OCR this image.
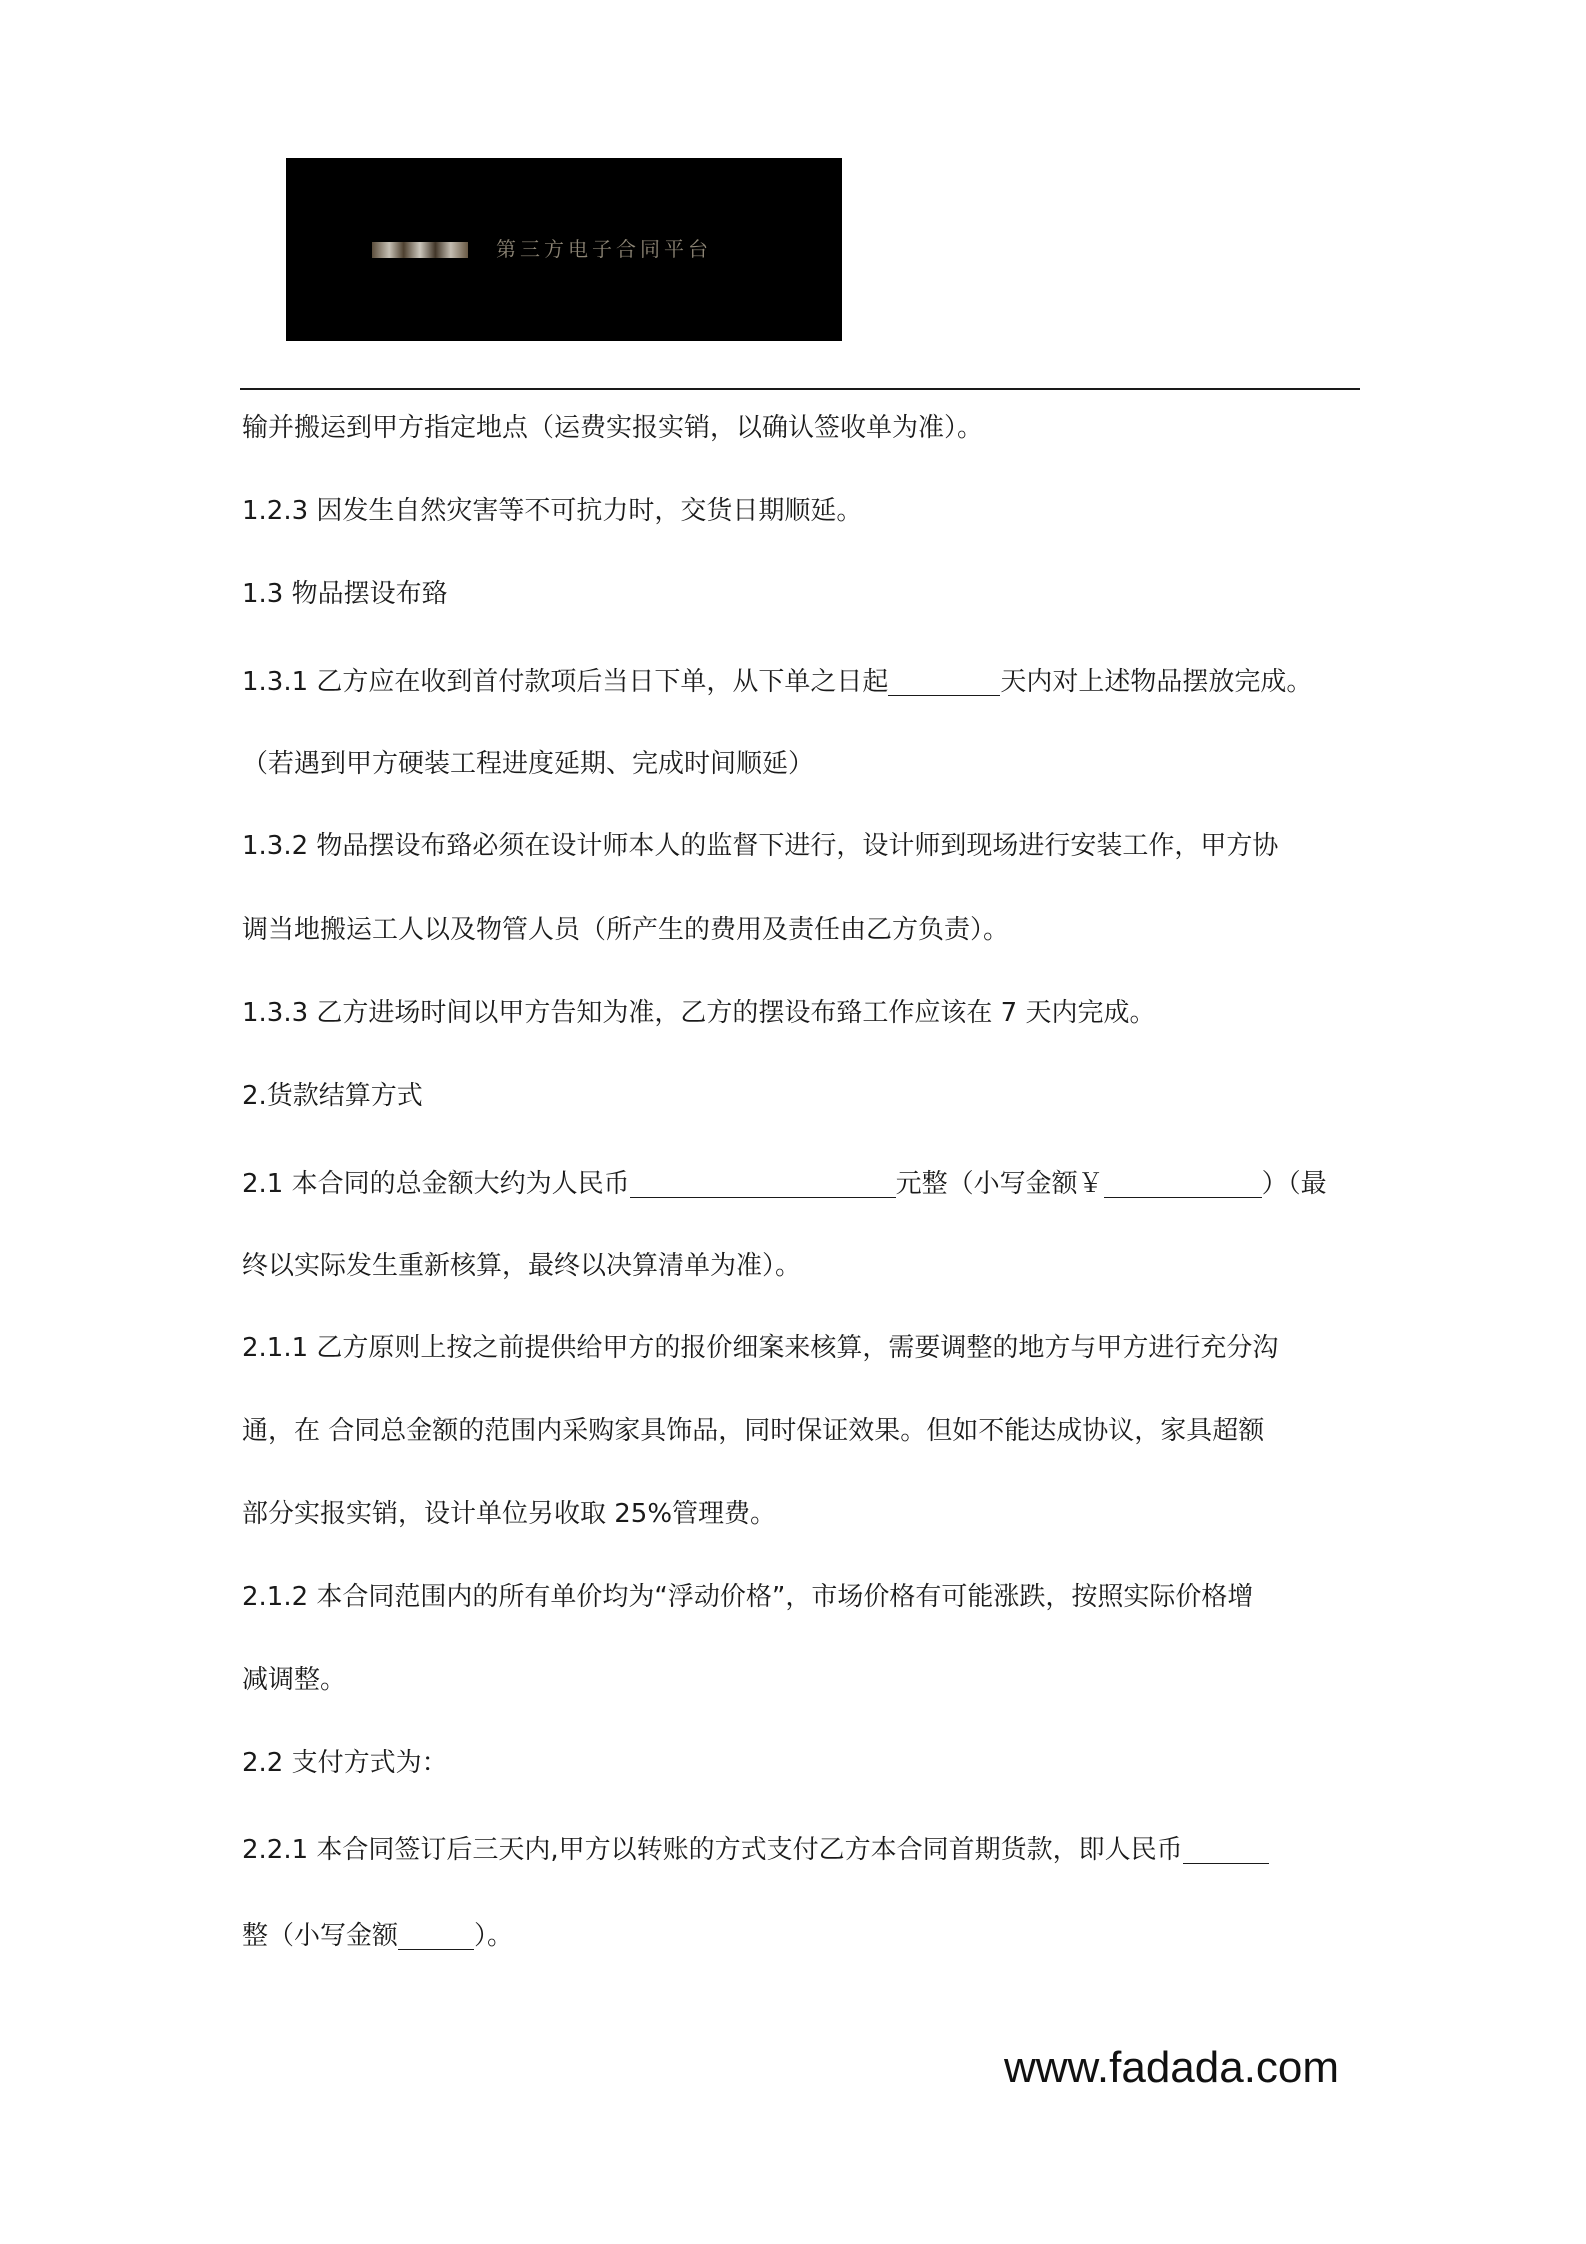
第三方电子合同平台

输并搬运到甲方指定地点（运费实报实销，以确认签收单为准）。

1.2.3 因发生自然灾害等不可抗力时，交货日期顺延。

1.3 物品摆设布臵

1.3.1 乙方应在收到首付款项后当日下单，从下单之日起	天内对上述物品摆放完成。

（若遇到甲方硬装工程进度延期、完成时间顺延）

1.3.2 物品摆设布臵必须在设计师本人的监督下进行，设计师到现场进行安装工作，甲方协

调当地搬运工人以及物管人员（所产生的费用及责任由乙方负责）。

1.3.3 乙方进场时间以甲方告知为准，乙方的摆设布臵工作应该在 7 天内完成。

2.货款结算方式

2.1 本合同的总金额大约为人民币	元整（小写金额￥	）（最

终以实际发生重新核算，最终以决算清单为准）。

2.1.1 乙方原则上按之前提供给甲方的报价细案来核算，需要调整的地方与甲方进行充分沟

通，在 合同总金额的范围内采购家具饰品，同时保证效果。但如不能达成协议，家具超额

部分实报实销，设计单位另收取 25%管理费。

2.1.2 本合同范围内的所有单价均为“浮动价格”，市场价格有可能涨跌，按照实际价格增

减调整。

2.2 支付方式为：

2.2.1 本合同签订后三天内,甲方以转账的方式支付乙方本合同首期货款，即人民币

整（小写金额	）。

www.fadada.com
